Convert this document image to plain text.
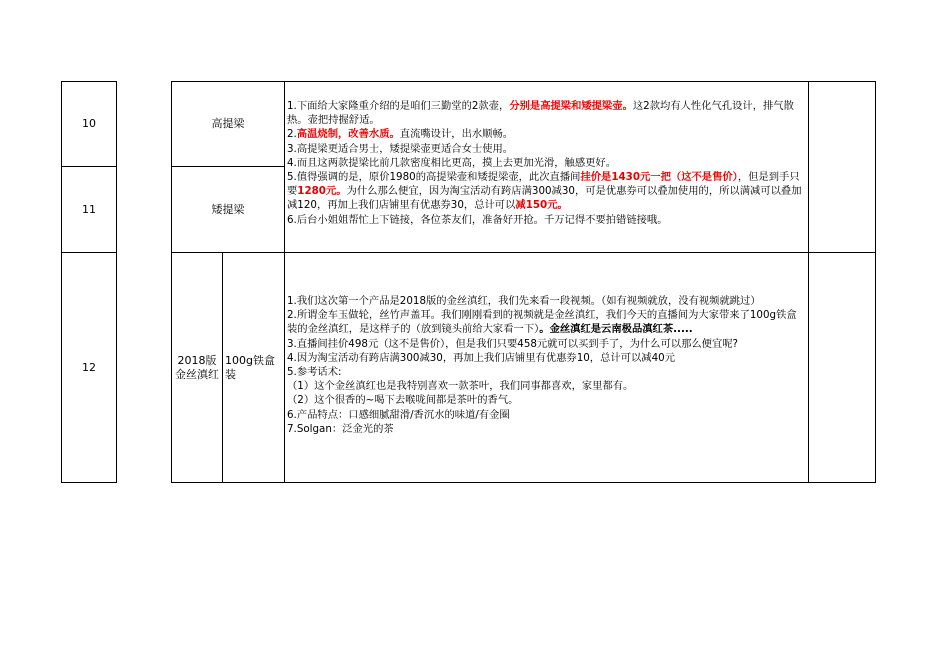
10
11
12
高提梁
矮提梁
2018版金丝滇红
100g铁盒装

1.下面给大家隆重介绍的是咱们三勤堂的2款壶，分别是高提梁和矮提梁壶。这2款均有人性化气孔设计，排气散热。壶把持握舒适。

2.高温烧制，改善水质。直流嘴设计，出水顺畅。

3.高提梁更适合男士，矮提梁壶更适合女士使用。

4.而且这两款提梁比前几款密度相比更高，摸上去更加光滑，触感更好。

5.值得强调的是，原价1980的高提梁壶和矮提梁壶，此次直播间挂价是1430元一把（这不是售价），但是到手只要1280元。为什么那么便宜，因为淘宝活动有跨店满300减30，可是优惠券可以叠加使用的，所以满减可以叠加减120，再加上我们店铺里有优惠券30，总计可以减150元。

6.后台小姐姐帮忙上下链接，各位茶友们，准备好开抢。千万记得不要拍错链接哦。

1.我们这次第一个产品是2018版的金丝滇红，我们先来看一段视频。（如有视频就放，没有视频就跳过）

2.所谓金车玉做轮，丝竹声盖耳。我们刚刚看到的视频就是金丝滇红，我们今天的直播间为大家带来了100g铁盒装的金丝滇红，是这样子的（放到镜头前给大家看一下）。金丝滇红是云南极品滇红茶.....

3.直播间挂价498元（这不是售价），但是我们只要458元就可以买到手了，为什么可以那么便宜呢?

4.因为淘宝活动有跨店满300减30，再加上我们店铺里有优惠券10，总计可以减40元

5.参考话术:

（1）这个金丝滇红也是我特别喜欢一款茶叶，我们同事都喜欢，家里都有。

（2）这个很香的~喝下去喉咙间都是茶叶的香气。

6.产品特点：口感细腻甜滑/香沉水的味道/有金圈

7.Solgan：泛金光的茶
